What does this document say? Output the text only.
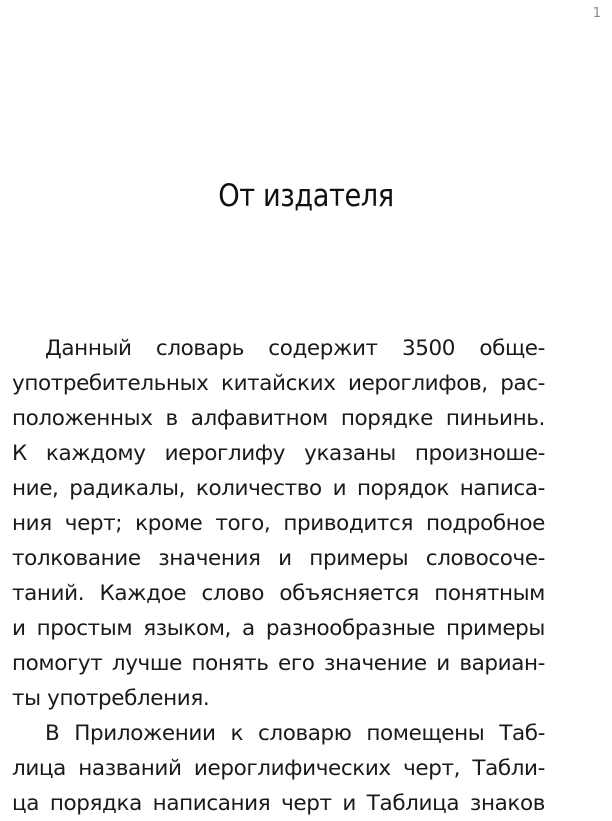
1
От издателя
Данный словарь содержит 3500 обще-
употребительных китайских иероглифов, рас-
положенных в алфавитном порядке пиньинь.
К каждому иероглифу указаны произноше-
ние, радикалы, количество и порядок написа-
ния черт; кроме того, приводится подробное
толкование значения и примеры словосоче-
таний. Каждое слово объясняется понятным
и простым языком, а разнообразные примеры
помогут лучше понять его значение и вариан-
ты употребления.
В Приложении к словарю помещены Таб-
лица названий иероглифических черт, Табли-
ца порядка написания черт и Таблица знаков
